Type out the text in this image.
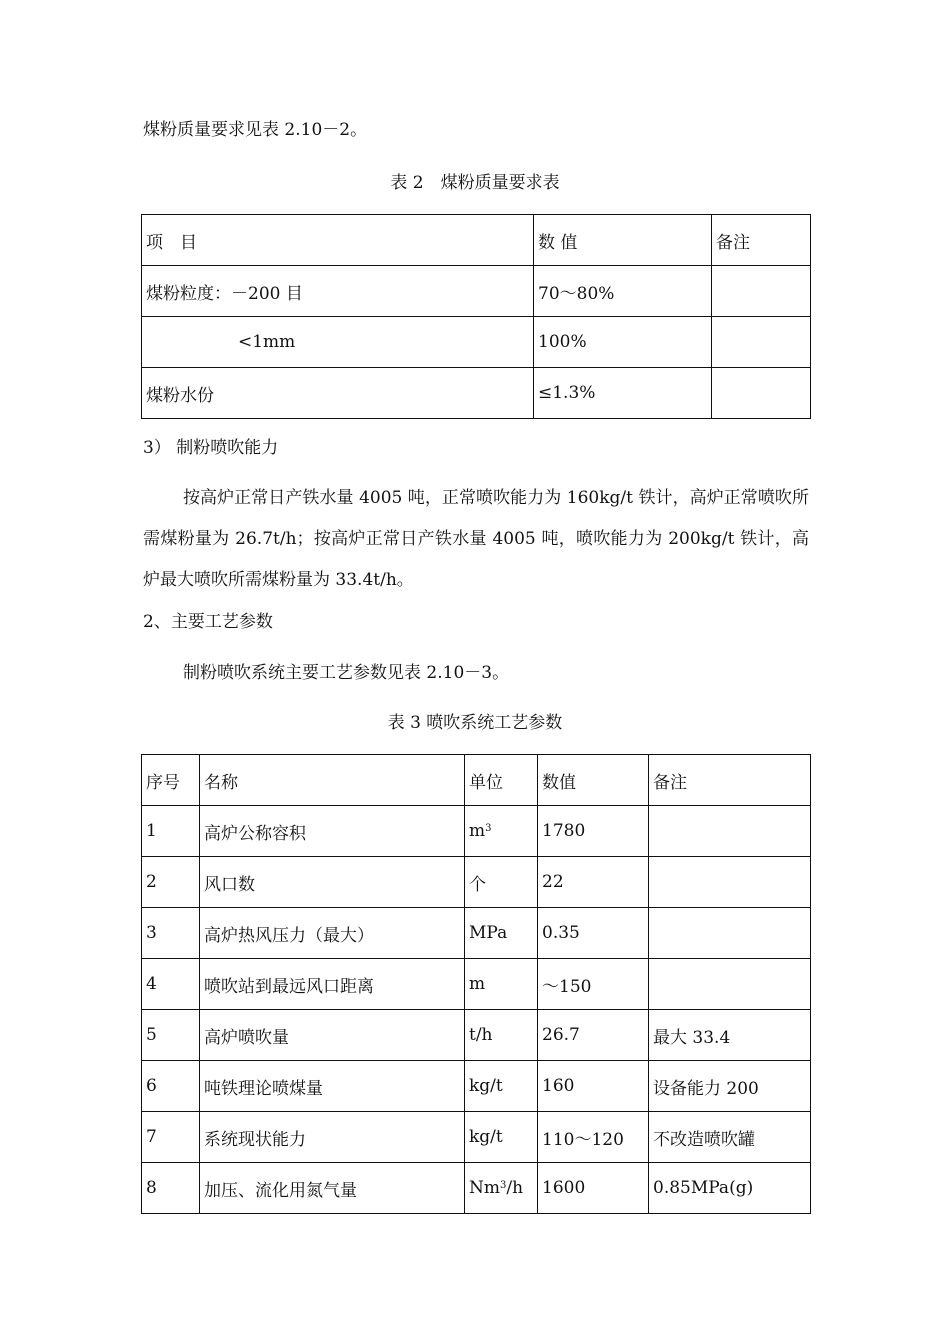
煤粉质量要求见表 2.10－2。
表 2　煤粉质量要求表
项　目	数 值	备注
煤粉粒度：－200 目	70～80%	
<1mm	100%	
煤粉水份	≤1.3%	
3） 制粉喷吹能力
按高炉正常日产铁水量 4005 吨，正常喷吹能力为 160kg/t 铁计，高炉正常喷吹所需煤粉量为 26.7t/h；按高炉正常日产铁水量 4005 吨，喷吹能力为 200kg/t 铁计，高炉最大喷吹所需煤粉量为 33.4t/h。
2、主要工艺参数
制粉喷吹系统主要工艺参数见表 2.10－3。
表 3 喷吹系统工艺参数
序号	名称	单位	数值	备注
1	高炉公称容积	$m^3$	1780	
2	风口数	个	22	
3	高炉热风压力（最大）	MPa	0.35	
4	喷吹站到最远风口距离	m	～150	
5	高炉喷吹量	t/h	26.7	最大 33.4
6	吨铁理论喷煤量	kg/t	160	设备能力 200
7	系统现状能力	kg/t	110～120	不改造喷吹罐
8	加压、流化用氮气量	Nm$^3$/h	1600	0.85MPa(g)
